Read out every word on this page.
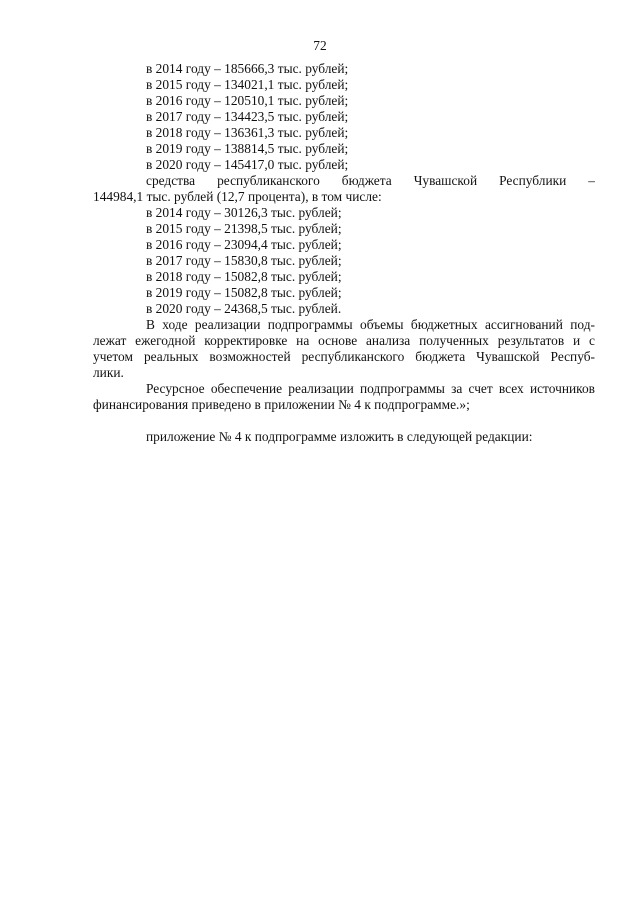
72

в 2014 году – 185666,3 тыс. рублей;

в 2015 году – 134021,1 тыс. рублей;

в 2016 году – 120510,1 тыс. рублей;

в 2017 году – 134423,5 тыс. рублей;

в 2018 году – 136361,3 тыс. рублей;

в 2019 году – 138814,5 тыс. рублей;

в 2020 году – 145417,0 тыс. рублей;

средства республиканского бюджета Чувашской Республики –

144984,1 тыс. рублей (12,7 процента), в том числе:

в 2014 году – 30126,3 тыс. рублей;

в 2015 году – 21398,5 тыс. рублей;

в 2016 году – 23094,4 тыс. рублей;

в 2017 году – 15830,8 тыс. рублей;

в 2018 году – 15082,8 тыс. рублей;

в 2019 году – 15082,8 тыс. рублей;

в 2020 году – 24368,5 тыс. рублей.

В ходе реализации подпрограммы объемы бюджетных ассигнований под-

лежат ежегодной корректировке на основе анализа полученных результатов и с

учетом реальных возможностей республиканского бюджета Чувашской Респуб-

лики.

Ресурсное обеспечение реализации подпрограммы за счет всех источников

финансирования приведено в приложении № 4 к подпрограмме.»;

приложение № 4 к подпрограмме изложить в следующей редакции:
